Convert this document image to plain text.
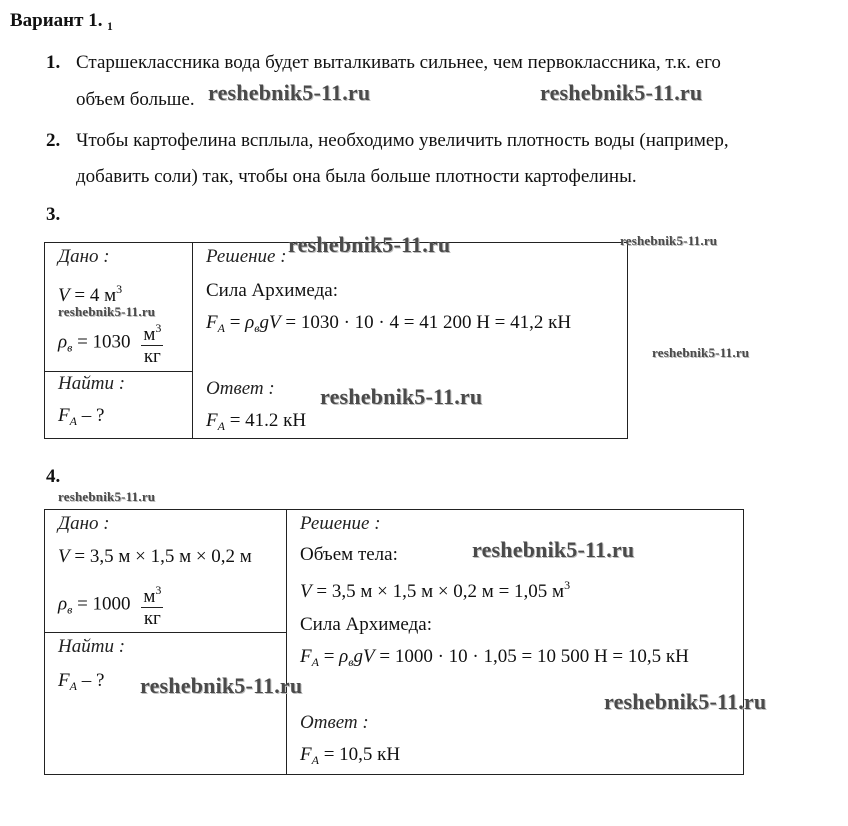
Вариант 1. ₁
1. Старшеклассника вода будет выталкивать сильнее, чем первоклассника, т.к. его
объем больше.
2. Чтобы картофелина всплыла, необходимо увеличить плотность воды (например,
добавить соли) так, чтобы она была больше плотности картофелины.
3.
Дано :
V = 4 $м^3$
$\rho_в = 1030 \frac{м^3}{кг}$
Найти :
$F_A$ – ?
Решение :
Сила Архимеда:
$F_A = \rho_вgV = 1030 \cdot 10 \cdot 4 = 41$ 200 Н = 41,2 кН
Ответ :
$F_A = 41.2$ кН
4.
Дано :
V = 3,5 м × 1,5 м × 0,2 м
$\rho_в = 1000 \frac{м^3}{кг}$
Найти :
$F_A$ – ?
Решение :
Объем тела:
V = 3,5 м × 1,5 м × 0,2 м = 1,05 $м^3$
Сила Архимеда:
$F_A = \rho_вgV = 1000 \cdot 10 \cdot 1,05 = 10$ 500 Н = 10,5 кН
Ответ :
$F_A = 10,5$ кН
reshebnik5-11.ru	reshebnik5-11.ru
reshebnik5-11.ru	reshebnik5-11.ru
reshebnik5-11.ru
reshebnik5-11.ru
reshebnik5-11.ru
reshebnik5-11.ru
reshebnik5-11.ru
reshebnik5-11.ru
reshebnik5-11.ru
